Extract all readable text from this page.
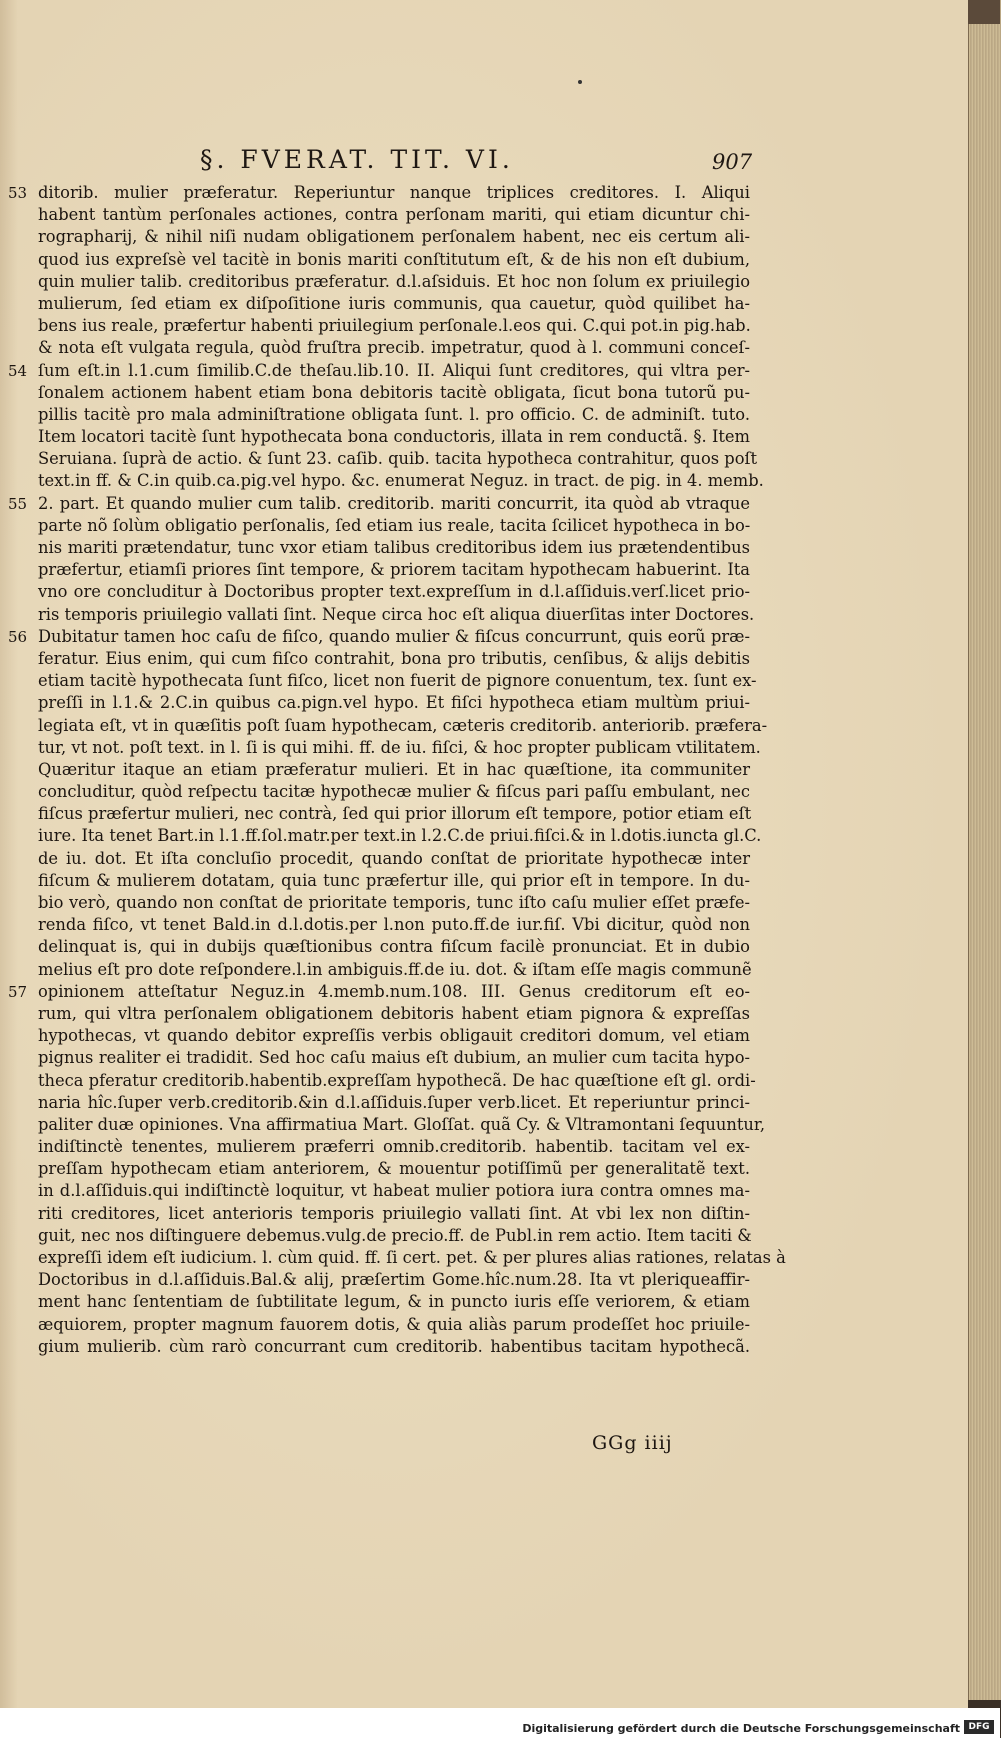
§. FVERAT. TIT. VI.	907
53 ditorib. mulier præferatur. Reperiuntur nanque triplices creditores. I. Aliqui
habent tantùm perſonales actiones, contra perſonam mariti, qui etiam dicuntur chi-
rographarij, & nihil niſi nudam obligationem perſonalem habent, nec eis certum ali-
quod ius expreſsè vel tacitè in bonis mariti conſtitutum eſt, & de his non eſt dubium,
quin mulier talib. creditoribus præferatur. d.l.aſsiduis. Et hoc non ſolum ex priuilegio
mulierum, ſed etiam ex diſpoſitione iuris communis, qua cauetur, quòd quilibet ha-
bens ius reale, præfertur habenti priuilegium perſonale.l.eos qui. C.qui pot.in pig.hab.
& nota eſt vulgata regula, quòd fruſtra precib. impetratur, quod à l. communi conceſ-
54 ſum eſt.in l.1.cum ſimilib.C.de theſau.lib.10. II. Aliqui ſunt creditores, qui vltra per-
ſonalem actionem habent etiam bona debitoris tacitè obligata, ſicut bona tutorũ pu-
pillis tacitè pro mala adminiſtratione obligata ſunt. l. pro officio. C. de adminiſt. tuto.
Item locatori tacitè ſunt hypothecata bona conductoris, illata in rem conductã. §. Item
Seruiana. ſuprà de actio. & ſunt 23. caſib. quib. tacita hypotheca contrahitur, quos poſt
text.in ff. & C.in quib.ca.pig.vel hypo. &c. enumerat Neguz. in tract. de pig. in 4. memb.
55 2. part. Et quando mulier cum talib. creditorib. mariti concurrit, ita quòd ab vtraque
parte nõ ſolùm obligatio perſonalis, ſed etiam ius reale, tacita ſcilicet hypotheca in bo-
nis mariti prætendatur, tunc vxor etiam talibus creditoribus idem ius prætendentibus
præfertur, etiamſi priores ſint tempore, & priorem tacitam hypothecam habuerint. Ita
vno ore concluditur à Doctoribus propter text.expreſſum in d.l.aſſiduis.verſ.licet prio-
ris temporis priuilegio vallati ſint. Neque circa hoc eſt aliqua diuerſitas inter Doctores.
56 Dubitatur tamen hoc caſu de fiſco, quando mulier & fiſcus concurrunt, quis eorũ præ-
feratur. Eius enim, qui cum fiſco contrahit, bona pro tributis, cenſibus, & alijs debitis
etiam tacitè hypothecata ſunt fiſco, licet non fuerit de pignore conuentum, tex. ſunt ex-
preſſi in l.1.& 2.C.in quibus ca.pign.vel hypo. Et fiſci hypotheca etiam multùm priui-
legiata eſt, vt in quæſitis poſt ſuam hypothecam, cæteris creditorib. anteriorib. præfera-
tur, vt not. poſt text. in l. ſi is qui mihi. ff. de iu. fiſci, & hoc propter publicam vtilitatem.
Quæritur itaque an etiam præferatur mulieri. Et in hac quæſtione, ita communiter
concluditur, quòd reſpectu tacitæ hypothecæ mulier & fiſcus pari paſſu embulant, nec
fiſcus præfertur mulieri, nec contrà, ſed qui prior illorum eſt tempore, potior etiam eſt
iure. Ita tenet Bart.in l.1.ff.ſol.matr.per text.in l.2.C.de priui.fiſci.& in l.dotis.iuncta gl.C.
de iu. dot. Et iſta concluſio procedit, quando conſtat de prioritate hypothecæ inter
fiſcum & mulierem dotatam, quia tunc præfertur ille, qui prior eſt in tempore. In du-
bio verò, quando non conſtat de prioritate temporis, tunc iſto caſu mulier eſſet præfe-
renda fiſco, vt tenet Bald.in d.l.dotis.per l.non puto.ff.de iur.fiſ. Vbi dicitur, quòd non
delinquat is, qui in dubijs quæſtionibus contra fiſcum facilè pronunciat. Et in dubio
melius eſt pro dote reſpondere.l.in ambiguis.ff.de iu. dot. & iſtam eſſe magis communẽ
57 opinionem atteſtatur Neguz.in 4.memb.num.108. III. Genus creditorum eſt eo-
rum, qui vltra perſonalem obligationem debitoris habent etiam pignora & expreſſas
hypothecas, vt quando debitor expreſſis verbis obligauit creditori domum, vel etiam
pignus realiter ei tradidit. Sed hoc caſu maius eſt dubium, an mulier cum tacita hypo-
theca pferatur creditorib.habentib.expreſſam hypothecã. De hac quæſtione eſt gl. ordi-
naria hîc.ſuper verb.creditorib.&in d.l.aſſiduis.ſuper verb.licet. Et reperiuntur princi-
paliter duæ opiniones. Vna affirmatiua Mart. Gloſſat. quã Cy. & Vltramontani ſequuntur,
indiſtinctè tenentes, mulierem præferri omnib.creditorib. habentib. tacitam vel ex-
preſſam hypothecam etiam anteriorem, & mouentur potiſſimũ per generalitatẽ text.
in d.l.aſſiduis.qui indiſtinctè loquitur, vt habeat mulier potiora iura contra omnes ma-
riti creditores, licet anterioris temporis priuilegio vallati ſint. At vbi lex non diſtin-
guit, nec nos diſtinguere debemus.vulg.de precio.ff. de Publ.in rem actio. Item taciti &
expreſſi idem eſt iudicium. l. cùm quid. ff. ſi cert. pet. & per plures alias rationes, relatas à
Doctoribus in d.l.aſſiduis.Bal.& alij, præſertim Gome.hîc.num.28. Ita vt pleriqueaffir-
ment hanc ſententiam de ſubtilitate legum, & in puncto iuris eſſe veriorem, & etiam
æquiorem, propter magnum fauorem dotis, & quia aliàs parum prodeſſet hoc priuile-
gium mulierib. cùm rarò concurrant cum creditorib. habentibus tacitam hypothecã.
GGg iiij
Digitalisierung gefördert durch die Deutsche Forschungsgemeinschaft DFG
